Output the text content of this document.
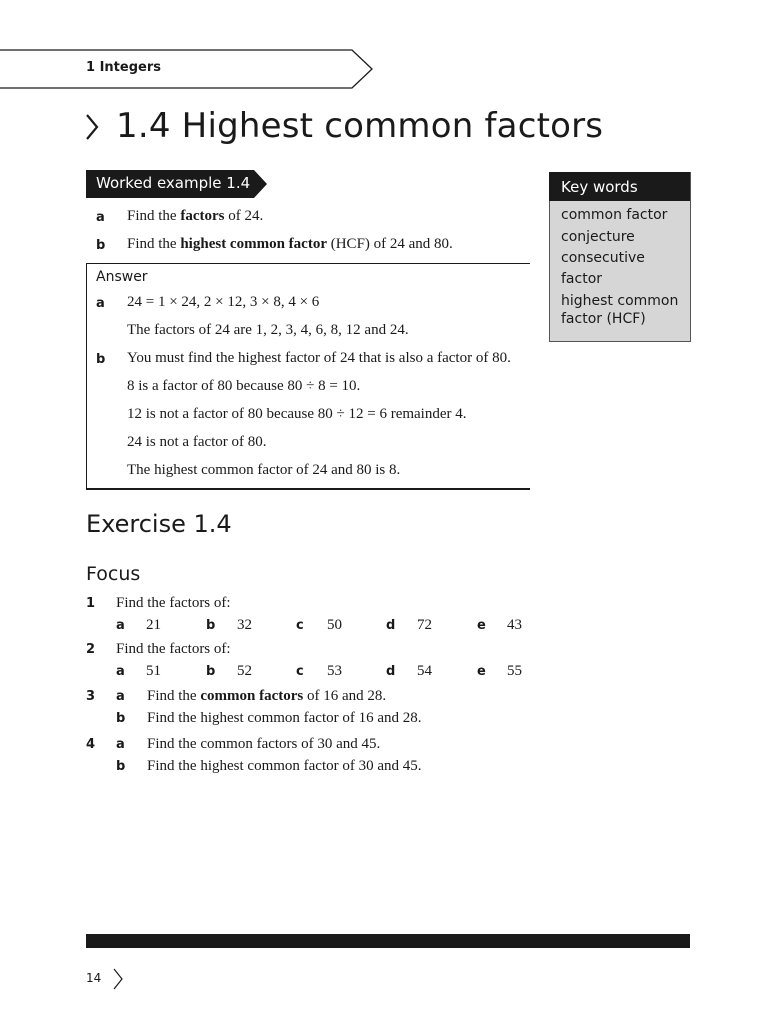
1 Integers
1.4 Highest common factors
Worked example 1.4
a Find the factors of 24.
b Find the highest common factor (HCF) of 24 and 80.
Answer
a 24 = 1 × 24, 2 × 12, 3 × 8, 4 × 6
The factors of 24 are 1, 2, 3, 4, 6, 8, 12 and 24.
b You must find the highest factor of 24 that is also a factor of 80.
8 is a factor of 80 because 80 ÷ 8 = 10.
12 is not a factor of 80 because 80 ÷ 12 = 6 remainder 4.
24 is not a factor of 80.
The highest common factor of 24 and 80 is 8.
Key words
common factor
conjecture
consecutive
factor
highest common
factor (HCF)
Exercise 1.4
Focus
1 Find the factors of:
a 21	b 32	c 50	d 72	e 43
2 Find the factors of:
a 51	b 52	c 53	d 54	e 55
3 a Find the common factors of 16 and 28.
b Find the highest common factor of 16 and 28.
4 a Find the common factors of 30 and 45.
b Find the highest common factor of 30 and 45.
14
